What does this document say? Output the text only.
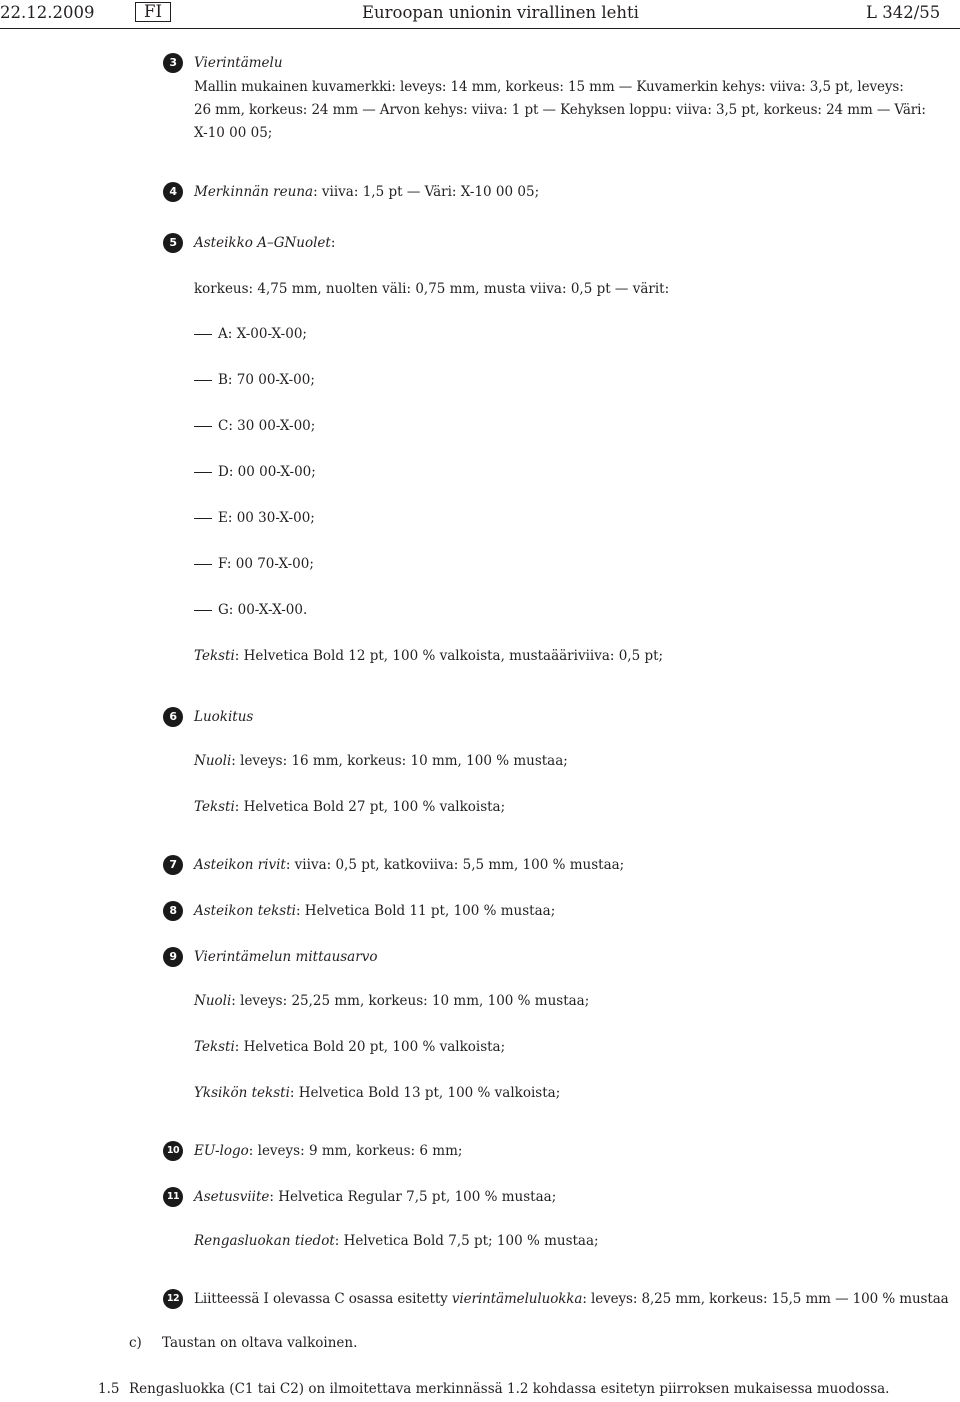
22.12.2009	FI	Euroopan unionin virallinen lehti	L 342/55
3	Vierintämelu
Mallin mukainen kuvamerkki: leveys: 14 mm, korkeus: 15 mm — Kuvamerkin kehys: viiva: 3,5 pt, leveys:
26 mm, korkeus: 24 mm — Arvon kehys: viiva: 1 pt — Kehyksen loppu: viiva: 3,5 pt, korkeus: 24 mm — Väri:
X-10 00 05;
4	Merkinnän reuna: viiva: 1,5 pt — Väri: X-10 00 05;
5	Asteikko A–GNuolet:
korkeus: 4,75 mm, nuolten väli: 0,75 mm, musta viiva: 0,5 pt — värit:
A: X-00-X-00;
B: 70 00-X-00;
C: 30 00-X-00;
D: 00 00-X-00;
E: 00 30-X-00;
F: 00 70-X-00;
G: 00-X-X-00.
Teksti: Helvetica Bold 12 pt, 100 % valkoista, mustaääriviiva: 0,5 pt;
6	Luokitus
Nuoli: leveys: 16 mm, korkeus: 10 mm, 100 % mustaa;
Teksti: Helvetica Bold 27 pt, 100 % valkoista;
7	Asteikon rivit: viiva: 0,5 pt, katkoviiva: 5,5 mm, 100 % mustaa;
8	Asteikon teksti: Helvetica Bold 11 pt, 100 % mustaa;
9	Vierintämelun mittausarvo
Nuoli: leveys: 25,25 mm, korkeus: 10 mm, 100 % mustaa;
Teksti: Helvetica Bold 20 pt, 100 % valkoista;
Yksikön teksti: Helvetica Bold 13 pt, 100 % valkoista;
10 EU-logo: leveys: 9 mm, korkeus: 6 mm;
11 Asetusviite: Helvetica Regular 7,5 pt, 100 % mustaa;
Rengasluokan tiedot: Helvetica Bold 7,5 pt; 100 % mustaa;
12 Liitteessä I olevassa C osassa esitetty vierintämeluluokka: leveys: 8,25 mm, korkeus: 15,5 mm — 100 % mustaa
c) Taustan on oltava valkoinen.
1.5 Rengasluokka (C1 tai C2) on ilmoitettava merkinnässä 1.2 kohdassa esitetyn piirroksen mukaisessa muodossa.
